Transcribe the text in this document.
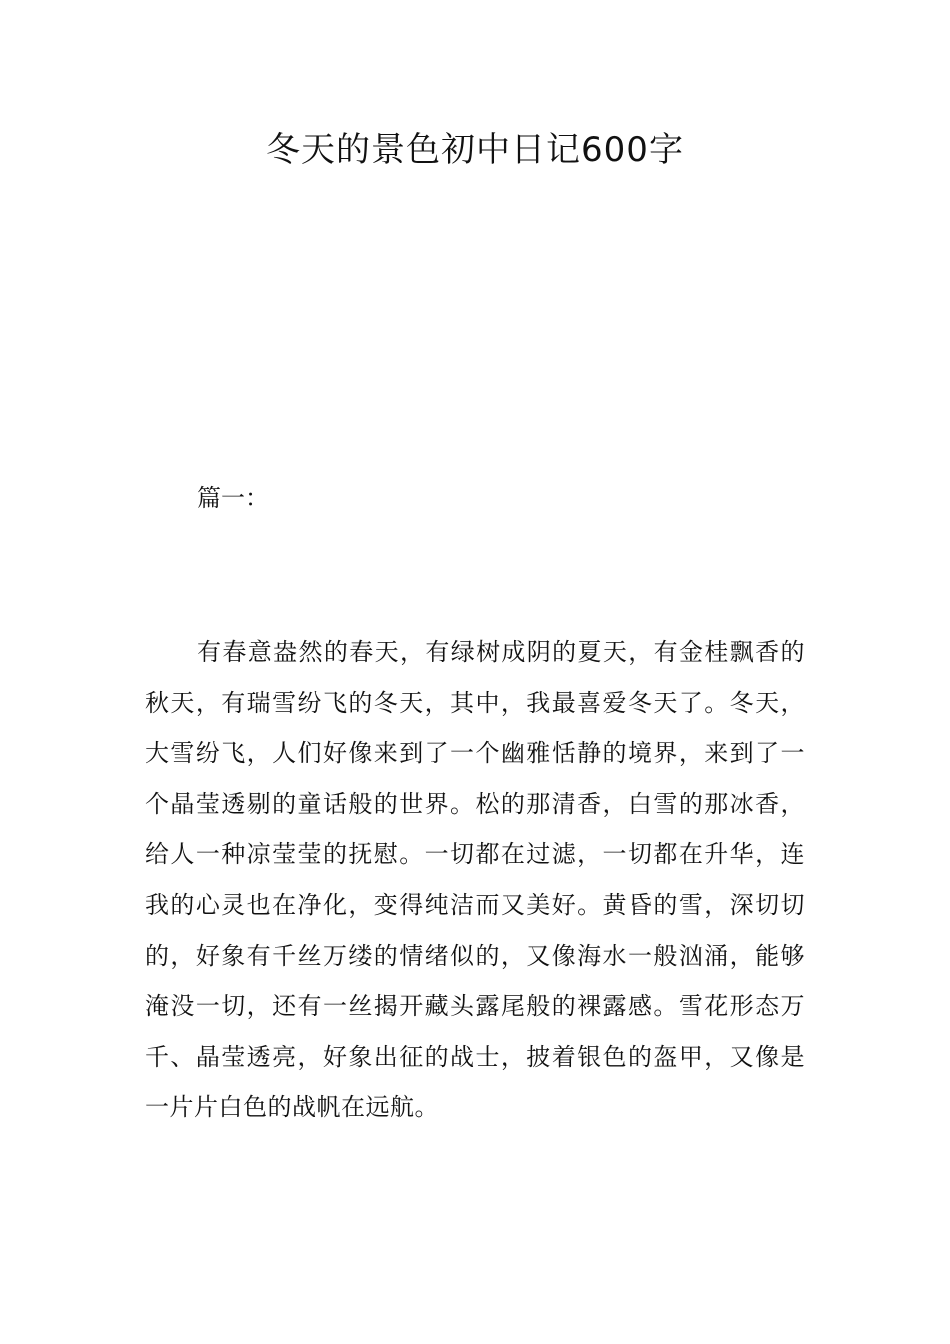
冬天的景色初中日记600字

篇一：

有春意盎然的春天，有绿树成阴的夏天，有金桂飘香的秋天，有瑞雪纷飞的冬天，其中，我最喜爱冬天了。冬天，大雪纷飞，人们好像来到了一个幽雅恬静的境界，来到了一个晶莹透剔的童话般的世界。松的那清香，白雪的那冰香，给人一种凉莹莹的抚慰。一切都在过滤，一切都在升华，连我的心灵也在净化，变得纯洁而又美好。黄昏的雪，深切切的，好象有千丝万缕的情绪似的，又像海水一般汹涌，能够淹没一切，还有一丝揭开藏头露尾般的裸露感。雪花形态万千、晶莹透亮，好象出征的战士，披着银色的盔甲，又像是一片片白色的战帆在远航。
